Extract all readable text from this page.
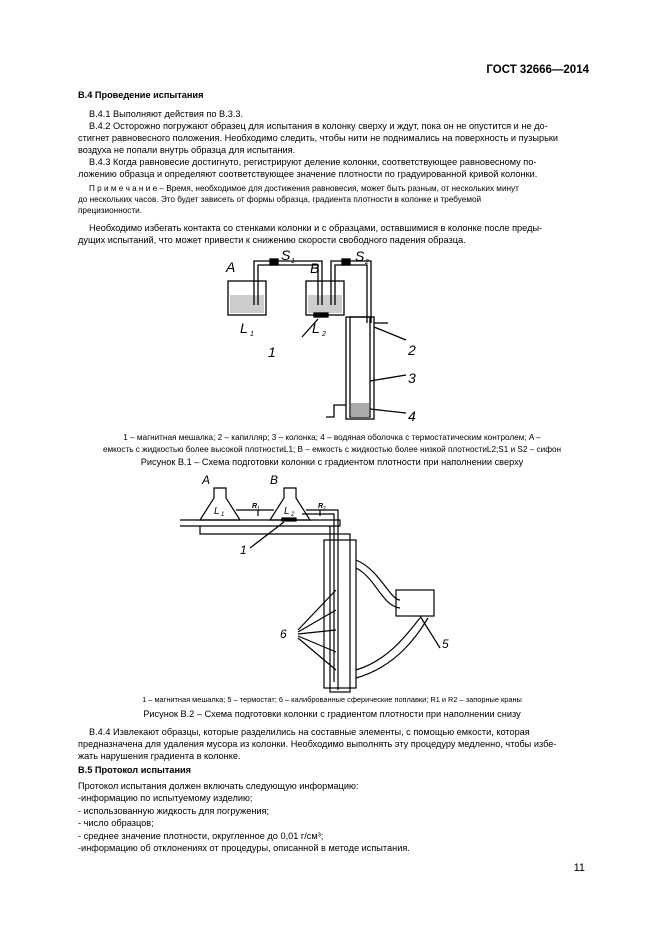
ГОСТ 32666—2014
В.4 Проведение испытания
В.4.1 Выполняют действия по В.3.3.
В.4.2 Осторожно погружают образец для испытания в колонку сверху и ждут, пока он не опустится и не до-
стигнет равновесного положения. Необходимо следить, чтобы нити не поднимались на поверхность и пузырьки
воздуха не попали внутрь образца для испытания.
В.4.3 Когда равновесие достигнуто, регистрируют деление колонки, соответствующее равновесному по-
ложению образца и определяют соответствующее значение плотности по градуированной кривой колонки.
П р и м е ч а н и е – Время, необходимое для достижения равновесия, может быть разным, от нескольких минут
до нескольких часов. Это будет зависеть от формы образца, градиента плотности в колонке и требуемой
прецизионности.
Необходимо избегать контакта со стенками колонки и с образцами, оставшимися в колонке после преды-
дущих испытаний, что может привести к снижению скорости свободного падения образца.
A	B
S 1	S 2
L 1	L 2
1	2
3
4
1 – магнитная мешалка; 2 – капилляр; 3 – колонка; 4 – водяная оболочка с термостатическим контролем; A –
емкость с жидкостью более высокой плотностиL1; B – емкость с жидкостью более низкой плотностиL2;S1 и S2 – сифон
Рисунок В.1 – Схема подготовки колонки с градиентом плотности при наполнении сверху
A	B
L 1	L 2
R 1	R 2
1
5
6
1 – магнитная мешалка; 5 – термостат; 6 – калиброванные сферические поплавки; R1 и R2 – запорные краны
Рисунок В.2 – Схема подготовки колонки с градиентом плотности при наполнении снизу
В.4.4 Извлекают образцы, которые разделились на составные элементы, с помощью емкости, которая
предназначена для удаления мусора из колонки. Необходимо выполнять эту процедуру медленно, чтобы избе-
жать нарушения градиента в колонке.
В.5 Протокол испытания
Протокол испытания должен включать следующую информацию:
-информацию по испытуемому изделию;
- использованную жидкость для погружения;
- число образцов;
- среднее значение плотности, округленное до 0,01 г/см³;
-информацию об отклонениях от процедуры, описанной в методе испытания.
11
